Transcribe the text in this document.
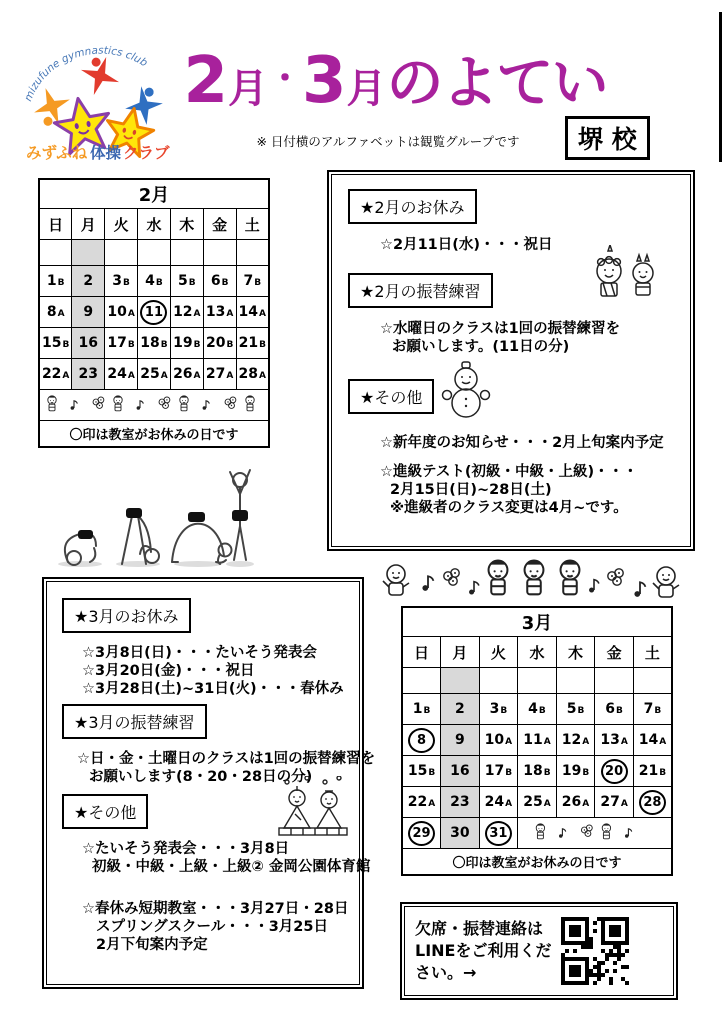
mizufune gymnastics club
みずふね 体操 クラブ
2月・3月のよてい
※ 日付横のアルファベットは観覧グループです	堺 校
2月						
日	月	火	水	木	金	土

1B	2	3B	4B	5B	6B	7B
8A	9	10A	11	12A	13A	14A
15B	16	17B	18B	19B	20B	21B
22A	23	24A	25A	26A	27A	28A

〇印は教室がお休みの日です						
★2月のお休み
☆2月11日(水)・・・祝日
★2月の振替練習
☆水曜日のクラスは1回の振替練習を
お願いします。(11日の分)
★その他
☆新年度のお知らせ・・・2月上旬案内予定
☆進級テスト(初級・中級・上級)・・・
2月15日(日)~28日(土)
※進級者のクラス変更は4月~です。
★3月のお休み
☆3月8日(日)・・・たいそう発表会
☆3月20日(金)・・・祝日
☆3月28日(土)~31日(火)・・・春休み
★3月の振替練習
☆日・金・土曜日のクラスは1回の振替練習を
お願いします(8・20・28日の分)
★その他
☆たいそう発表会・・・3月8日
初級・中級・上級・上級② 金岡公園体育館
☆春休み短期教室・・・3月27日・28日
スプリングスクール・・・3月25日
2月下旬案内予定
3月						
日	月	火	水	木	金	土

1B	2	3B	4B	5B	6B	7B
8	9	10A	11A	12A	13A	14A
15B	16	17B	18B	19B	20	21B
22A	23	24A	25A	26A	27A	28
29	30	31	
〇印は教室がお休みの日です						
欠席・振替連絡は
LINEをご利用くだ
さい。→
